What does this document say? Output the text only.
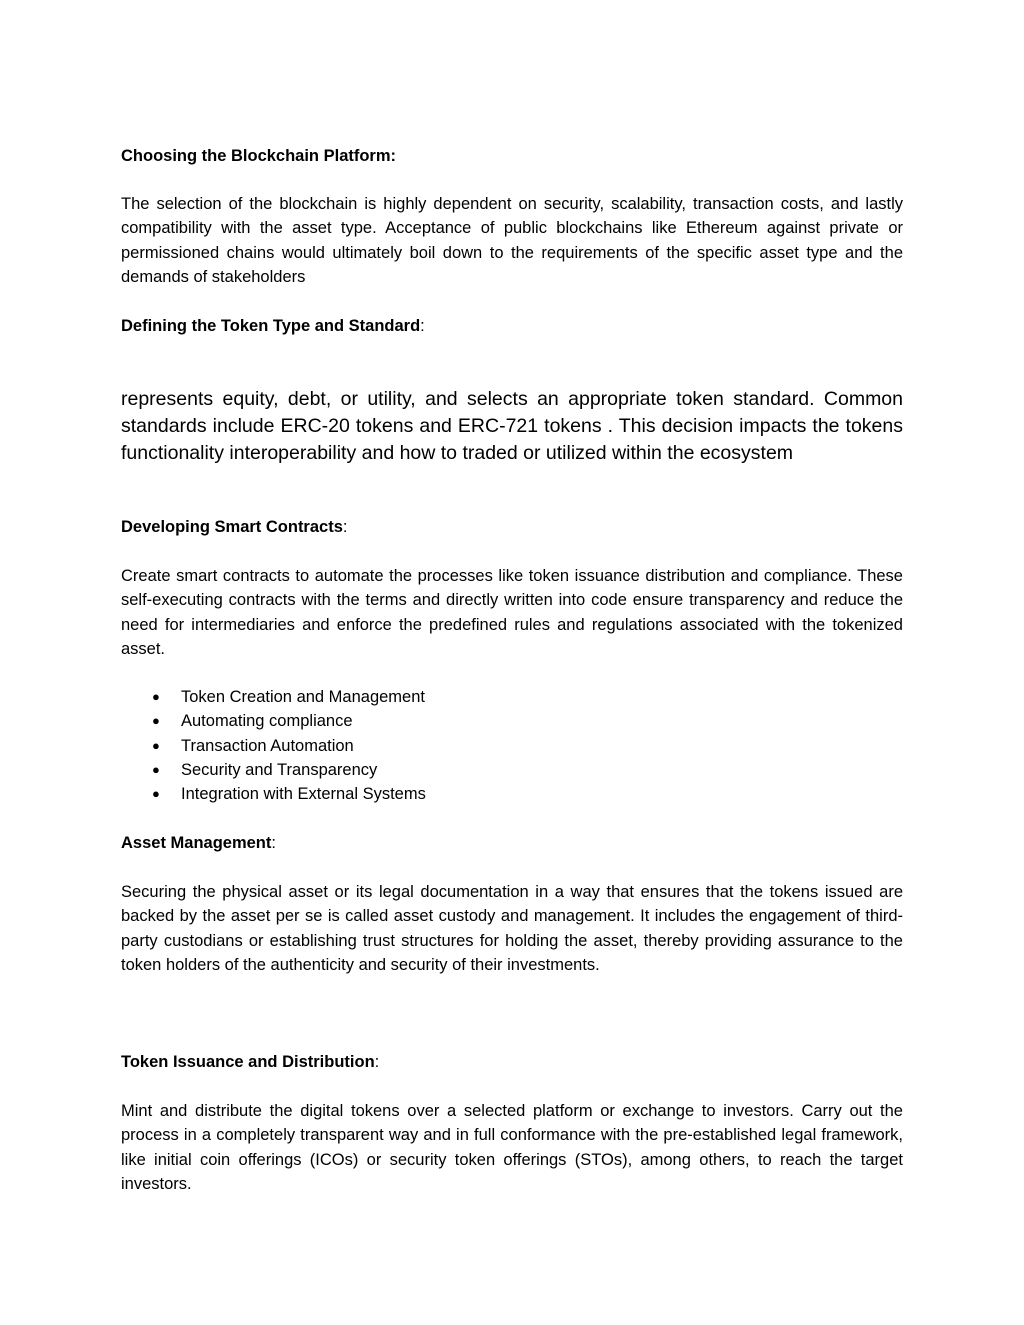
Choosing the Blockchain Platform:

The selection of the blockchain is highly dependent on security, scalability, transaction costs, and lastly compatibility with the asset type. Acceptance of public blockchains like Ethereum against private or permissioned chains would ultimately boil down to the requirements of the specific asset type and the demands of stakeholders

Defining the Token Type and Standard:

represents equity, debt, or utility, and selects an appropriate token standard. Common standards include ERC-20 tokens and ERC-721 tokens . This decision impacts the tokens functionality interoperability and how to traded or utilized within the ecosystem

Developing Smart Contracts:

Create smart contracts to automate the processes like token issuance distribution and compliance. These self-executing contracts with the terms and directly written into code ensure transparency and reduce the need for intermediaries and enforce the predefined rules and regulations associated with the tokenized asset.

● Token Creation and Management
● Automating compliance
● Transaction Automation
● Security and Transparency
● Integration with External Systems
Asset Management:

Securing the physical asset or its legal documentation in a way that ensures that the tokens issued are backed by the asset per se is called asset custody and management. It includes the engagement of third-party custodians or establishing trust structures for holding the asset, thereby providing assurance to the token holders of the authenticity and security of their investments.

Token Issuance and Distribution:

Mint and distribute the digital tokens over a selected platform or exchange to investors. Carry out the process in a completely transparent way and in full conformance with the pre-established legal framework, like initial coin offerings (ICOs) or security token offerings (STOs), among others, to reach the target investors.
